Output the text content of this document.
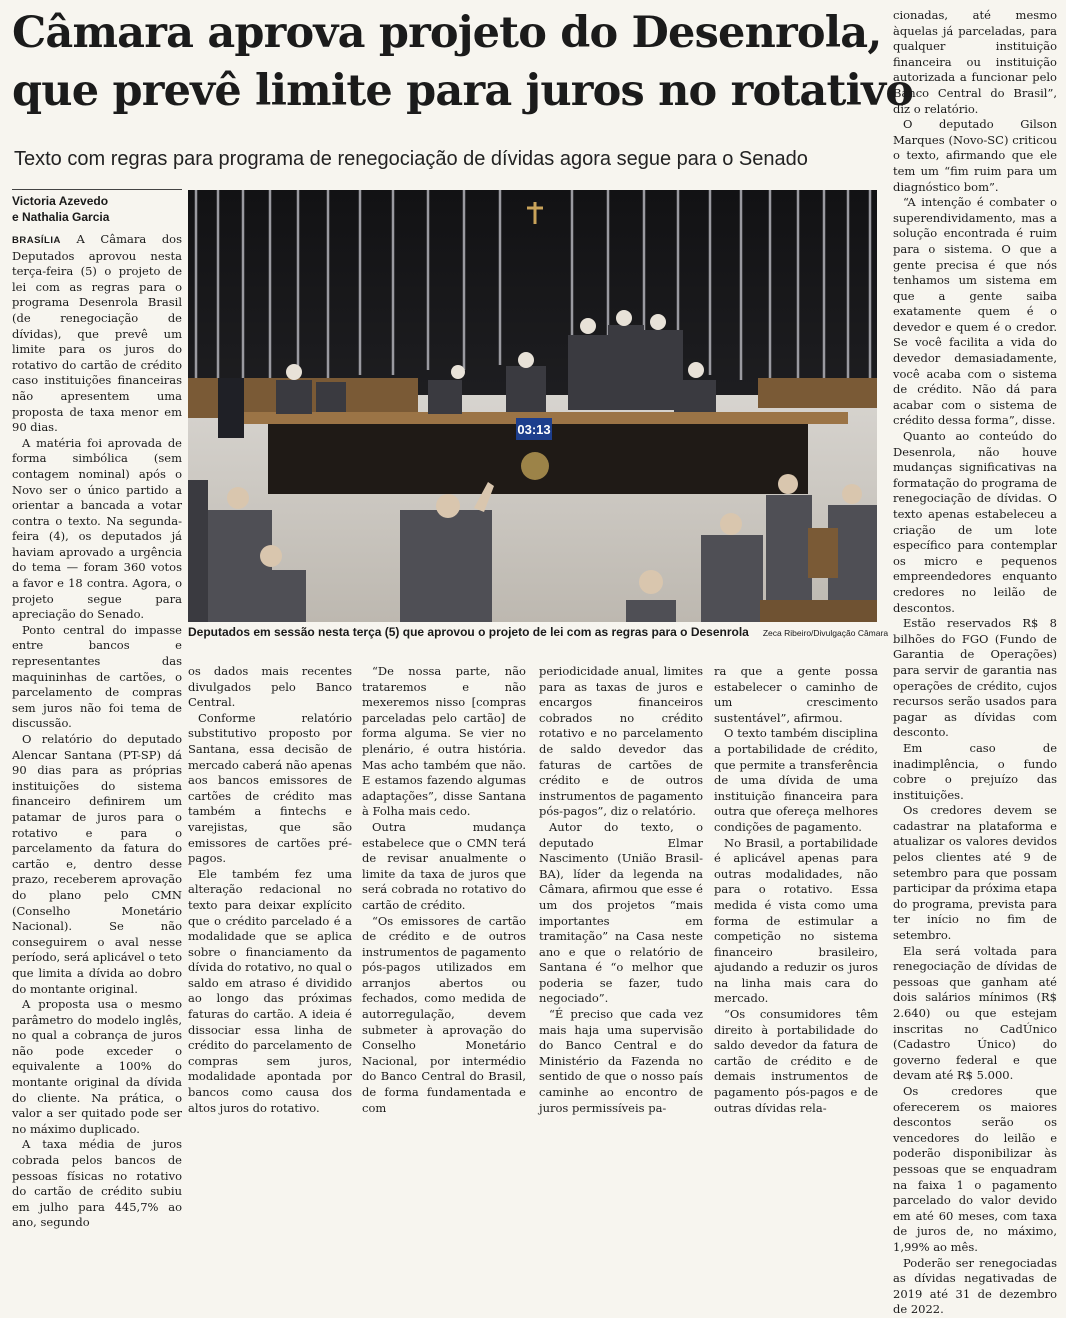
Câmara aprova projeto do Desenrola,
que prevê limite para juros no rotativo
Texto com regras para programa de renegociação de dívidas agora segue para o Senado
Victoria Azevedo
e Nathalia Garcia

BRASÍLIA A Câmara dos Deputados aprovou nesta terça-feira (5) o projeto de lei com as regras para o programa Desenrola Brasil (de renegociação de dívidas), que prevê um limite para os juros do rotativo do cartão de crédito caso instituições financeiras não apresentem uma proposta de taxa menor em 90 dias.

A matéria foi aprovada de forma simbólica (sem contagem nominal) após o Novo ser o único partido a orientar a bancada a votar contra o texto. Na segunda-feira (4), os deputados já haviam aprovado a urgência do tema — foram 360 votos a favor e 18 contra. Agora, o projeto segue para apreciação do Senado.

Ponto central do impasse entre bancos e representantes das maquininhas de cartões, o parcelamento de compras sem juros não foi tema de discussão.

O relatório do deputado Alencar Santana (PT-SP) dá 90 dias para as próprias instituições do sistema financeiro definirem um patamar de juros para o rotativo e para o parcelamento da fatura do cartão e, dentro desse prazo, receberem aprovação do plano pelo CMN (Conselho Monetário Nacional). Se não conseguirem o aval nesse período, será aplicável o teto que limita a dívida ao dobro do montante original.

A proposta usa o mesmo parâmetro do modelo inglês, no qual a cobrança de juros não pode exceder o equivalente a 100% do montante original da dívida do cliente. Na prática, o valor a ser quitado pode ser no máximo duplicado.

A taxa média de juros cobrada pelos bancos de pessoas físicas no rotativo do cartão de crédito subiu em julho para 445,7% ao ano, segundo

03:13
Deputados em sessão nesta terça (5) que aprovou o projeto de lei com as regras para o Desenrola Zeca Ribeiro/Divulgação Câmara

os dados mais recentes divulgados pelo Banco Central.

Conforme relatório substitutivo proposto por Santana, essa decisão de mercado caberá não apenas aos bancos emissores de cartões de crédito mas também a fintechs e varejistas, que são emissores de cartões pré-pagos.

Ele também fez uma alteração redacional no texto para deixar explícito que o crédito parcelado é a modalidade que se aplica sobre o financiamento da dívida do rotativo, no qual o saldo em atraso é dividido ao longo das próximas faturas do cartão. A ideia é dissociar essa linha de crédito do parcelamento de compras sem juros, modalidade apontada por bancos como causa dos altos juros do rotativo.

“De nossa parte, não trataremos e não mexeremos nisso [compras parceladas pelo cartão] de forma alguma. Se vier no plenário, é outra história. Mas acho também que não. E estamos fazendo algumas adaptações”, disse Santana à Folha mais cedo.

Outra mudança estabelece que o CMN terá de revisar anualmente o limite da taxa de juros que será cobrada no rotativo do cartão de crédito.

“Os emissores de cartão de crédito e de outros instrumentos de pagamento pós-pagos utilizados em arranjos abertos ou fechados, como medida de autorregulação, devem submeter à aprovação do Conselho Monetário Nacional, por intermédio do Banco Central do Brasil, de forma fundamentada e com

periodicidade anual, limites para as taxas de juros e encargos financeiros cobrados no crédito rotativo e no parcelamento de saldo devedor das faturas de cartões de crédito e de outros instrumentos de pagamento pós-pagos”, diz o relatório.

Autor do texto, o deputado Elmar Nascimento (União Brasil-BA), líder da legenda na Câmara, afirmou que esse é um dos projetos “mais importantes em tramitação” na Casa neste ano e que o relatório de Santana é “o melhor que poderia se fazer, tudo negociado”.

“É preciso que cada vez mais haja uma supervisão do Banco Central e do Ministério da Fazenda no sentido de que o nosso país caminhe ao encontro de juros permissíveis pa-

ra que a gente possa estabelecer o caminho de um crescimento sustentável”, afirmou.

O texto também disciplina a portabilidade de crédito, que permite a transferência de uma dívida de uma instituição financeira para outra que ofereça melhores condições de pagamento.

No Brasil, a portabilidade é aplicável apenas para outras modalidades, não para o rotativo. Essa medida é vista como uma forma de estimular a competição no sistema financeiro brasileiro, ajudando a reduzir os juros na linha mais cara do mercado.

“Os consumidores têm direito à portabilidade do saldo devedor da fatura de cartão de crédito e de demais instrumentos de pagamento pós-pagos e de outras dívidas rela-

cionadas, até mesmo àquelas já parceladas, para qualquer instituição financeira ou instituição autorizada a funcionar pelo Banco Central do Brasil”, diz o relatório.

O deputado Gilson Marques (Novo-SC) criticou o texto, afirmando que ele tem um “fim ruim para um diagnóstico bom”.

“A intenção é combater o superendividamento, mas a solução encontrada é ruim para o sistema. O que a gente precisa é que nós tenhamos um sistema em que a gente saiba exatamente quem é o devedor e quem é o credor. Se você facilita a vida do devedor demasiadamente, você acaba com o sistema de crédito. Não dá para acabar com o sistema de crédito dessa forma”, disse.

Quanto ao conteúdo do Desenrola, não houve mudanças significativas na formatação do programa de renegociação de dívidas. O texto apenas estabeleceu a criação de um lote específico para contemplar os micro e pequenos empreendedores enquanto credores no leilão de descontos.

Estão reservados R$ 8 bilhões do FGO (Fundo de Garantia de Operações) para servir de garantia nas operações de crédito, cujos recursos serão usados para pagar as dívidas com desconto.

Em caso de inadimplência, o fundo cobre o prejuízo das instituições.

Os credores devem se cadastrar na plataforma e atualizar os valores devidos pelos clientes até 9 de setembro para que possam participar da próxima etapa do programa, prevista para ter início no fim de setembro.

Ela será voltada para renegociação de dívidas de pessoas que ganham até dois salários mínimos (R$ 2.640) ou que estejam inscritas no CadÚnico (Cadastro Único) do governo federal e que devam até R$ 5.000.

Os credores que oferecerem os maiores descontos serão os vencedores do leilão e poderão disponibilizar às pessoas que se enquadram na faixa 1 o pagamento parcelado do valor devido em até 60 meses, com taxa de juros de, no máximo, 1,99% ao mês.

Poderão ser renegociadas as dívidas negativadas de 2019 até 31 de dezembro de 2022.
